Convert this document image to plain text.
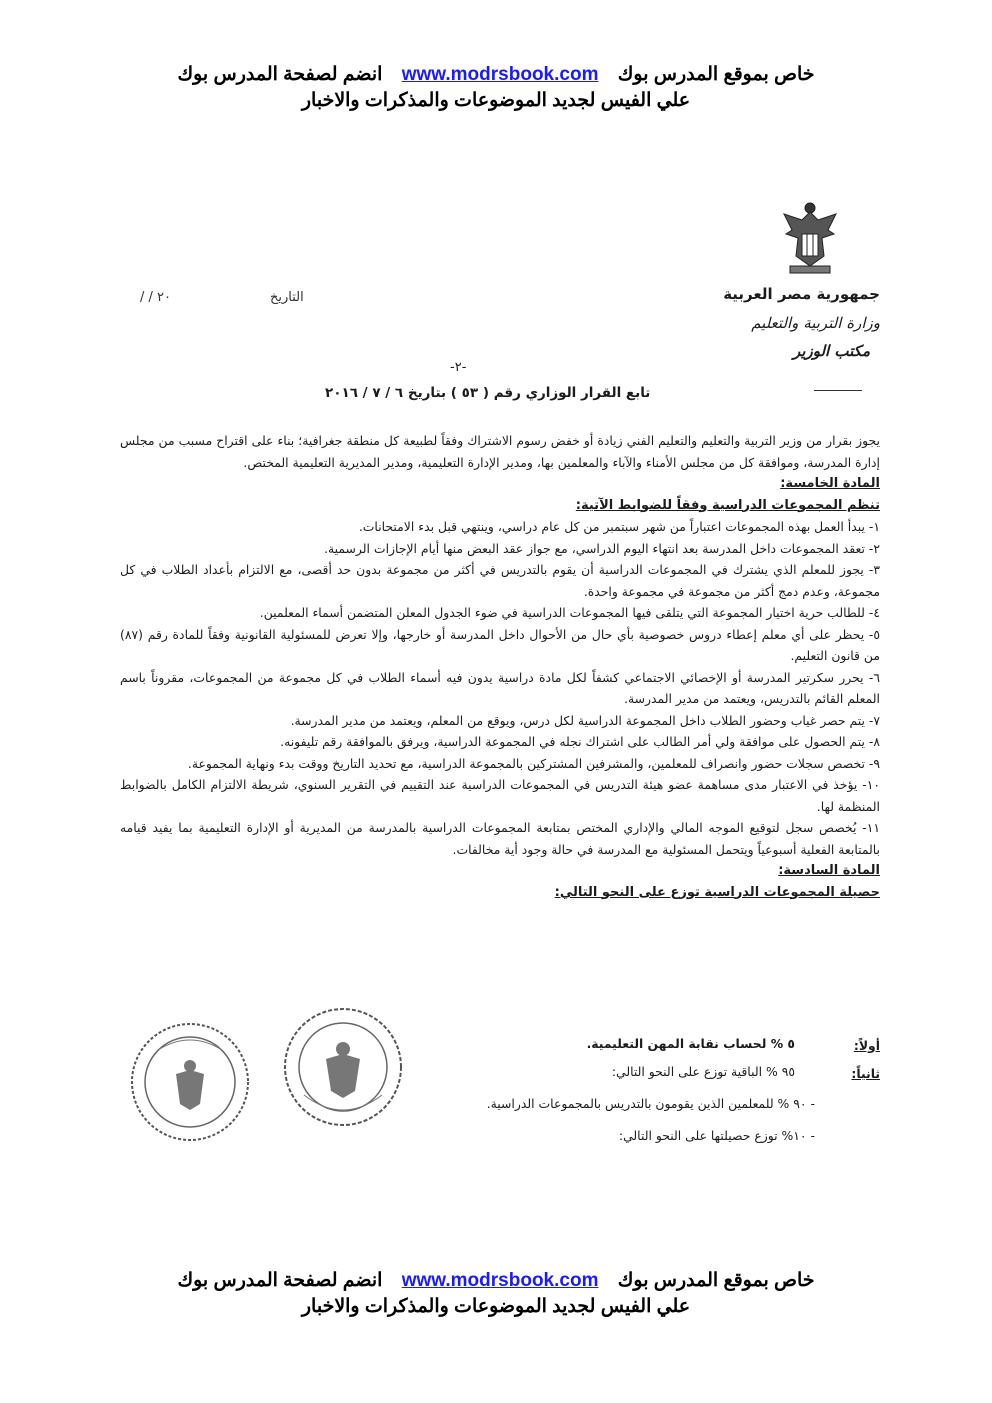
خاص بموقع المدرس بوك www.modrsbook.com انضم لصفحة المدرس بوك
علي الفيس لجديد الموضوعات والمذكرات والاخبار
جمهورية مصر العربية
وزارة التربية والتعليم
مكتب الوزير
التاريخ
/ / ٢٠
-٢-
تابع القرار الوزاري رقم ( ٥٣ ) بتاريخ ٦ / ٧ / ٢٠١٦

يجوز بقرار من وزير التربية والتعليم والتعليم الفني زيادة أو خفض رسوم الاشتراك وفقاً لطبيعة كل منطقة جغرافية؛ بناء على اقتراح مسبب من مجلس إدارة المدرسة، وموافقة كل من مجلس الأمناء والآباء والمعلمين بها، ومدير الإدارة التعليمية، ومدير المديرية التعليمية المختص.

المادة الخامسة:

تنظم المجموعات الدراسية وفقاً للضوابط الآتية:

١- يبدأ العمل بهذه المجموعات اعتباراً من شهر سبتمبر من كل عام دراسي، وينتهي قبل بدء الامتحانات.

٢- تعقد المجموعات داخل المدرسة بعد انتهاء اليوم الدراسي، مع جواز عقد البعض منها أيام الإجازات الرسمية.

٣- يجوز للمعلم الذي يشترك في المجموعات الدراسية أن يقوم بالتدريس في أكثر من مجموعة بدون حد أقصى، مع الالتزام بأعداد الطلاب في كل مجموعة، وعدم دمج أكثر من مجموعة في مجموعة واحدة.

٤- للطالب حرية اختيار المجموعة التي يتلقى فيها المجموعات الدراسية في ضوء الجدول المعلن المتضمن أسماء المعلمين.

٥- يحظر على أي معلم إعطاء دروس خصوصية بأي حال من الأحوال داخل المدرسة أو خارجها، وإلا تعرض للمسئولية القانونية وفقاً للمادة رقم (٨٧) من قانون التعليم.

٦- يحرر سكرتير المدرسة أو الإخصائي الاجتماعي كشفاً لكل مادة دراسية يدون فيه أسماء الطلاب في كل مجموعة من المجموعات، مقروناً باسم المعلم القائم بالتدريس، ويعتمد من مدير المدرسة.

٧- يتم حصر غياب وحضور الطلاب داخل المجموعة الدراسية لكل درس، ويوقع من المعلم، ويعتمد من مدير المدرسة.

٨- يتم الحصول على موافقة ولي أمر الطالب على اشتراك نجله في المجموعة الدراسية، ويرفق بالموافقة رقم تليفونه.

٩- تخصص سجلات حضور وانصراف للمعلمين، والمشرفين المشتركين بالمجموعة الدراسية، مع تحديد التاريخ ووقت بدء ونهاية المجموعة.

١٠- يؤخذ في الاعتبار مدى مساهمة عضو هيئة التدريس في المجموعات الدراسية عند التقييم في التقرير السنوي، شريطة الالتزام الكامل بالضوابط المنظمة لها.

١١- يُخصص سجل لتوقيع الموجه المالي والإداري المختص بمتابعة المجموعات الدراسية بالمدرسة من المديرية أو الإدارة التعليمية بما يفيد قيامه بالمتابعة الفعلية أسبوعياً ويتحمل المسئولية مع المدرسة في حالة وجود أية مخالفات.

المادة السادسة:

حصيلة المجموعات الدراسية توزع على النحو التالي:

أولاً:
٥ % لحساب نقابة المهن التعليمية.
ثانياً:
٩٥ % الباقية توزع على النحو التالي:
- ٩٠ % للمعلمين الذين يقومون بالتدريس بالمجموعات الدراسية.
- ١٠% توزع حصيلتها على النحو التالي:
خاص بموقع المدرس بوك www.modrsbook.com انضم لصفحة المدرس بوك
علي الفيس لجديد الموضوعات والمذكرات والاخبار
